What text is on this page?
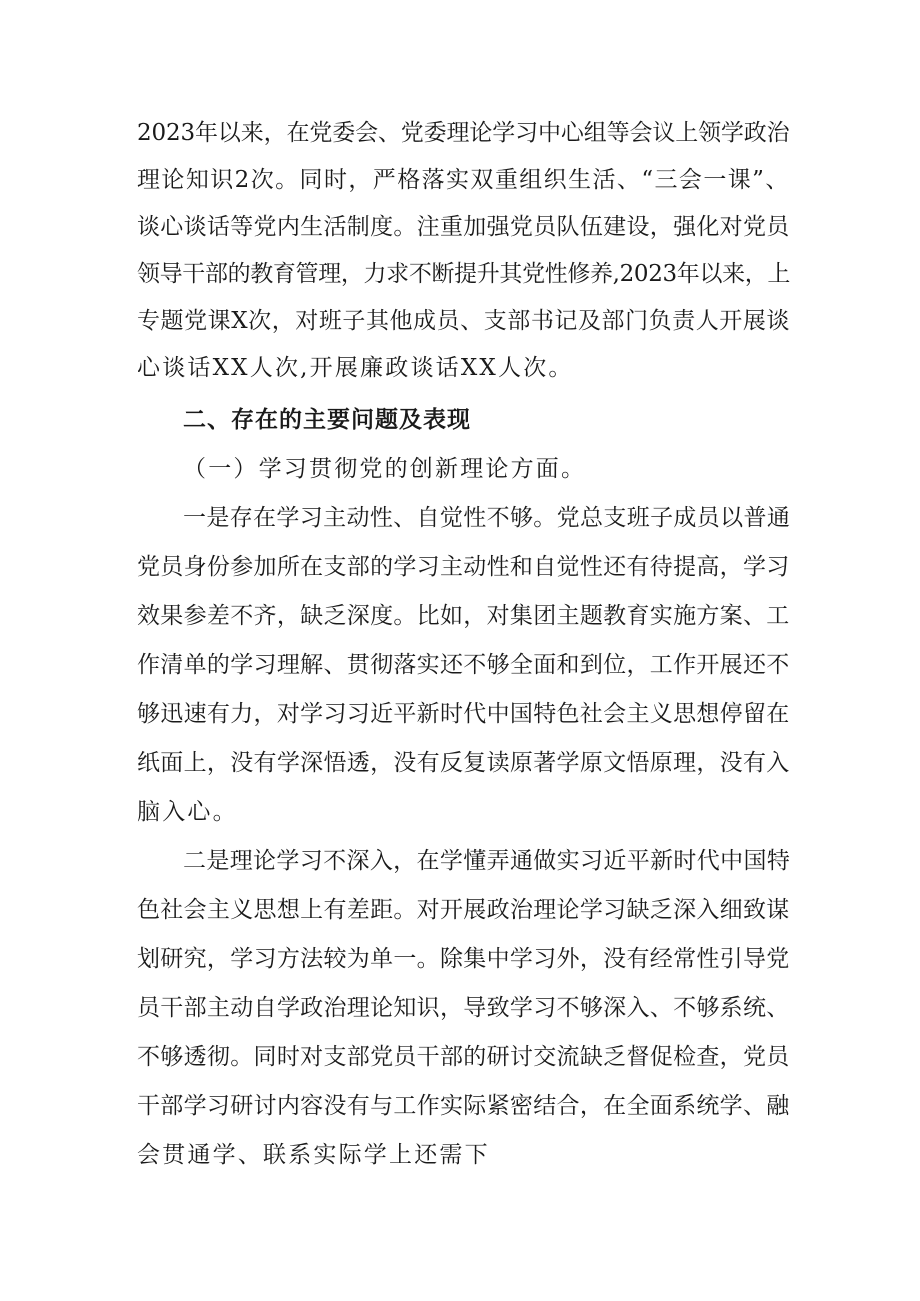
2023年以来，在党委会、党委理论学习中心组等会议上领学政治
理论知识2次。同时，严格落实双重组织生活、“三会一课”、
谈心谈话等党内生活制度。注重加强党员队伍建设，强化对党员
领导干部的教育管理，力求不断提升其党性修养,2023年以来，上
专题党课X次，对班子其他成员、支部书记及部门负责人开展谈
心谈话XX人次,开展廉政谈话XX人次。
二、存在的主要问题及表现
（一）学习贯彻党的创新理论方面。
一是存在学习主动性、自觉性不够。党总支班子成员以普通
党员身份参加所在支部的学习主动性和自觉性还有待提高，学习
效果参差不齐，缺乏深度。比如，对集团主题教育实施方案、工
作清单的学习理解、贯彻落实还不够全面和到位，工作开展还不
够迅速有力，对学习习近平新时代中国特色社会主义思想停留在
纸面上，没有学深悟透，没有反复读原著学原文悟原理，没有入
脑入心。
二是理论学习不深入，在学懂弄通做实习近平新时代中国特
色社会主义思想上有差距。对开展政治理论学习缺乏深入细致谋
划研究，学习方法较为单一。除集中学习外，没有经常性引导党
员干部主动自学政治理论知识，导致学习不够深入、不够系统、
不够透彻。同时对支部党员干部的研讨交流缺乏督促检查，党员
干部学习研讨内容没有与工作实际紧密结合，在全面系统学、融
会贯通学、联系实际学上还需下
